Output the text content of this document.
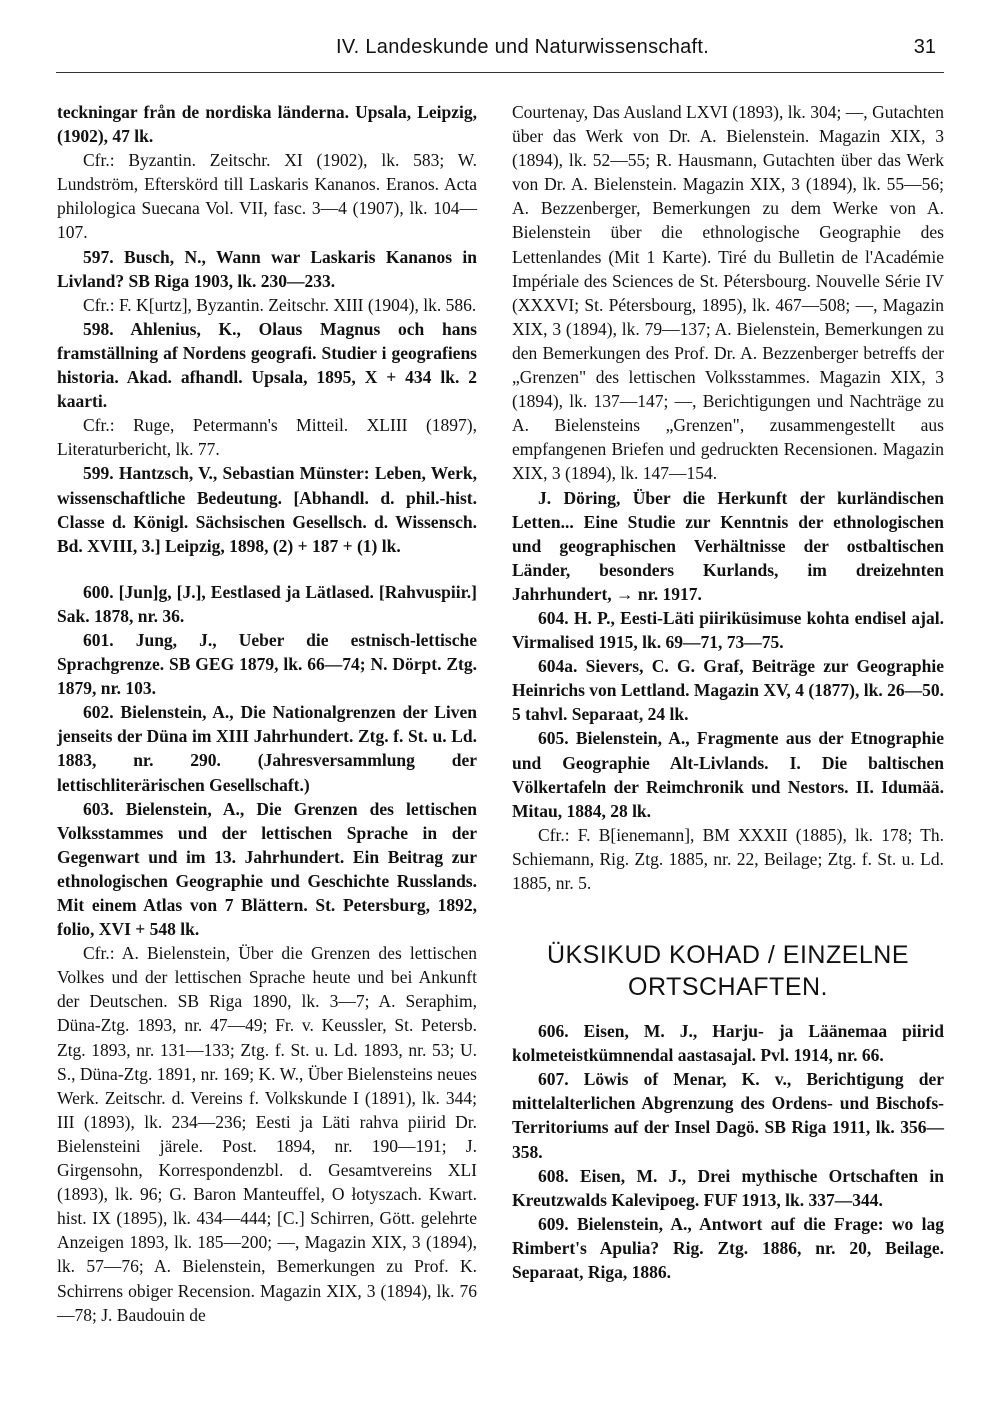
IV. Landeskunde und Naturwissenschaft.	31

teckningar från de nordiska länderna. Upsala, Leipzig, (1902), 47 lk.

Cfr.: Byzantin. Zeitschr. XI (1902), lk. 583; W. Lundström, Efterskörd till Laskaris Kananos. Eranos. Acta philologica Suecana Vol. VII, fasc. 3—4 (1907), lk. 104—107.

597. Busch, N., Wann war Laskaris Kananos in Livland? SB Riga 1903, lk. 230—233.

Cfr.: F. K[urtz], Byzantin. Zeitschr. XIII (1904), lk. 586.

598. Ahlenius, K., Olaus Magnus och hans framställning af Nordens geografi. Studier i geografiens historia. Akad. afhandl. Upsala, 1895, X + 434 lk. 2 kaarti.

Cfr.: Ruge, Petermann's Mitteil. XLIII (1897), Literaturbericht, lk. 77.

599. Hantzsch, V., Sebastian Münster: Leben, Werk, wissenschaftliche Bedeutung. [Abhandl. d. phil.-hist. Classe d. Königl. Sächsischen Gesellsch. d. Wissensch. Bd. XVIII, 3.] Leipzig, 1898, (2) + 187 + (1) lk.

600. [Jun]g, [J.], Eestlased ja Lätlased. [Rahvuspiir.] Sak. 1878, nr. 36.

601. Jung, J., Ueber die estnisch-lettische Sprachgrenze. SB GEG 1879, lk. 66—74; N. Dörpt. Ztg. 1879, nr. 103.

602. Bielenstein, A., Die Nationalgrenzen der Liven jenseits der Düna im XIII Jahrhundert. Ztg. f. St. u. Ld. 1883, nr. 290. (Jahresversammlung der lettischliterärischen Gesellschaft.)

603. Bielenstein, A., Die Grenzen des lettischen Volksstammes und der lettischen Sprache in der Gegenwart und im 13. Jahrhundert. Ein Beitrag zur ethnologischen Geographie und Geschichte Russlands. Mit einem Atlas von 7 Blättern. St. Petersburg, 1892, folio, XVI + 548 lk.

Cfr.: A. Bielenstein, Über die Grenzen des lettischen Volkes und der lettischen Sprache heute und bei Ankunft der Deutschen. SB Riga 1890, lk. 3—7; A. Seraphim, Düna-Ztg. 1893, nr. 47—49; Fr. v. Keussler, St. Petersb. Ztg. 1893, nr. 131—133; Ztg. f. St. u. Ld. 1893, nr. 53; U. S., Düna-Ztg. 1891, nr. 169; K. W., Über Bielensteins neues Werk. Zeitschr. d. Vereins f. Volkskunde I (1891), lk. 344; III (1893), lk. 234—236; Eesti ja Läti rahva piirid Dr. Bielensteini järele. Post. 1894, nr. 190—191; J. Girgensohn, Korrespondenzbl. d. Gesamtvereins XLI (1893), lk. 96; G. Baron Manteuffel, O łotyszach. Kwart. hist. IX (1895), lk. 434—444; [C.] Schirren, Gött. gelehrte Anzeigen 1893, lk. 185—200; —, Magazin XIX, 3 (1894), lk. 57—76; A. Bielenstein, Bemerkungen zu Prof. K. Schirrens obiger Recension. Magazin XIX, 3 (1894), lk. 76—78; J. Baudouin de

Courtenay, Das Ausland LXVI (1893), lk. 304; —, Gutachten über das Werk von Dr. A. Bielenstein. Magazin XIX, 3 (1894), lk. 52—55; R. Hausmann, Gutachten über das Werk von Dr. A. Bielenstein. Magazin XIX, 3 (1894), lk. 55—56; A. Bezzenberger, Bemerkungen zu dem Werke von A. Bielenstein über die ethnologische Geographie des Lettenlandes (Mit 1 Karte). Tiré du Bulletin de l'Académie Impériale des Sciences de St. Pétersbourg. Nouvelle Série IV (XXXVI; St. Pétersbourg, 1895), lk. 467—508; —, Magazin XIX, 3 (1894), lk. 79—137; A. Bielenstein, Bemerkungen zu den Bemerkungen des Prof. Dr. A. Bezzenberger betreffs der „Grenzen" des lettischen Volksstammes. Magazin XIX, 3 (1894), lk. 137—147; —, Berichtigungen und Nachträge zu A. Bielensteins „Grenzen", zusammengestellt aus empfangenen Briefen und gedruckten Recensionen. Magazin XIX, 3 (1894), lk. 147—154.

J. Döring, Über die Herkunft der kurländischen Letten... Eine Studie zur Kenntnis der ethnologischen und geographischen Verhältnisse der ostbaltischen Länder, besonders Kurlands, im dreizehnten Jahrhundert, → nr. 1917.

604. H. P., Eesti-Läti piiriküsimuse kohta endisel ajal. Virmalised 1915, lk. 69—71, 73—75.

604a. Sievers, C. G. Graf, Beiträge zur Geographie Heinrichs von Lettland. Magazin XV, 4 (1877), lk. 26—50. 5 tahvl. Separaat, 24 lk.

605. Bielenstein, A., Fragmente aus der Etnographie und Geographie Alt-Livlands. I. Die baltischen Völkertafeln der Reimchronik und Nestors. II. Idumää. Mitau, 1884, 28 lk.

Cfr.: F. B[ienemann], BM XXXII (1885), lk. 178; Th. Schiemann, Rig. Ztg. 1885, nr. 22, Beilage; Ztg. f. St. u. Ld. 1885, nr. 5.

ÜKSIKUD KOHAD / EINZELNE ORTSCHAFTEN.

606. Eisen, M. J., Harju- ja Läänemaa piirid kolmeteistkümnendal aastasajal. Pvl. 1914, nr. 66.

607. Löwis of Menar, K. v., Berichtigung der mittelalterlichen Abgrenzung des Ordens- und Bischofs-Territoriums auf der Insel Dagö. SB Riga 1911, lk. 356—358.

608. Eisen, M. J., Drei mythische Ortschaften in Kreutzwalds Kalevipoeg. FUF 1913, lk. 337—344.

609. Bielenstein, A., Antwort auf die Frage: wo lag Rimbert's Apulia? Rig. Ztg. 1886, nr. 20, Beilage. Separaat, Riga, 1886.
